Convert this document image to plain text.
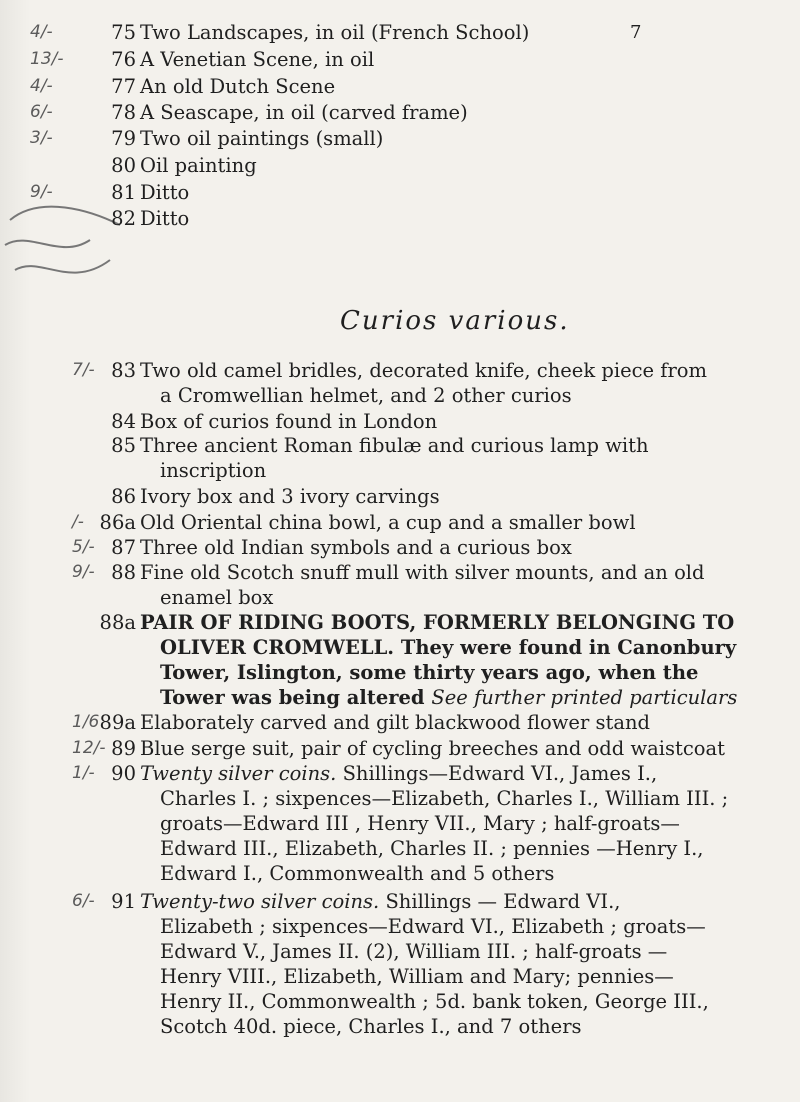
7
75 Two Landscapes, in oil (French School)
4/-
76 A Venetian Scene, in oil
13/-
77 An old Dutch Scene
4/-
78 A Seascape, in oil (carved frame)
6/-
79 Two oil paintings (small)
3/-
80 Oil painting
81 Ditto
9/-
82 Ditto
Curios various.
83 Two old camel bridles, decorated knife, cheek piece from
a Cromwellian helmet, and 2 other curios
7/-
84 Box of curios found in London
85 Three ancient Roman fibulæ and curious lamp with
inscription
86 Ivory box and 3 ivory carvings
86a Old Oriental china bowl, a cup and a smaller bowl
/-
87 Three old Indian symbols and a curious box
5/-
88 Fine old Scotch snuff mull with silver mounts, and an old
enamel box
9/-
88a PAIR OF RIDING BOOTS, FORMERLY BELONGING TO
OLIVER CROMWELL. They were found in Canonbury
Tower, Islington, some thirty years ago, when the
Tower was being altered See further printed particulars
89a Elaborately carved and gilt blackwood flower stand
1/6
89 Blue serge suit, pair of cycling breeches and odd waistcoat
12/-
90 Twenty silver coins. Shillings—Edward VI., James I.,
Charles I. ; sixpences—Elizabeth, Charles I., William III. ;
groats—Edward III , Henry VII., Mary ; half-groats—
Edward III., Elizabeth, Charles II. ; pennies —Henry I.,
Edward I., Commonwealth and 5 others
1/-
91 Twenty-two silver coins. Shillings — Edward VI.,
Elizabeth ; sixpences—Edward VI., Elizabeth ; groats—
Edward V., James II. (2), William III. ; half-groats —
Henry VIII., Elizabeth, William and Mary; pennies—
Henry II., Commonwealth ; 5d. bank token, George III.,
Scotch 40d. piece, Charles I., and 7 others
6/-
